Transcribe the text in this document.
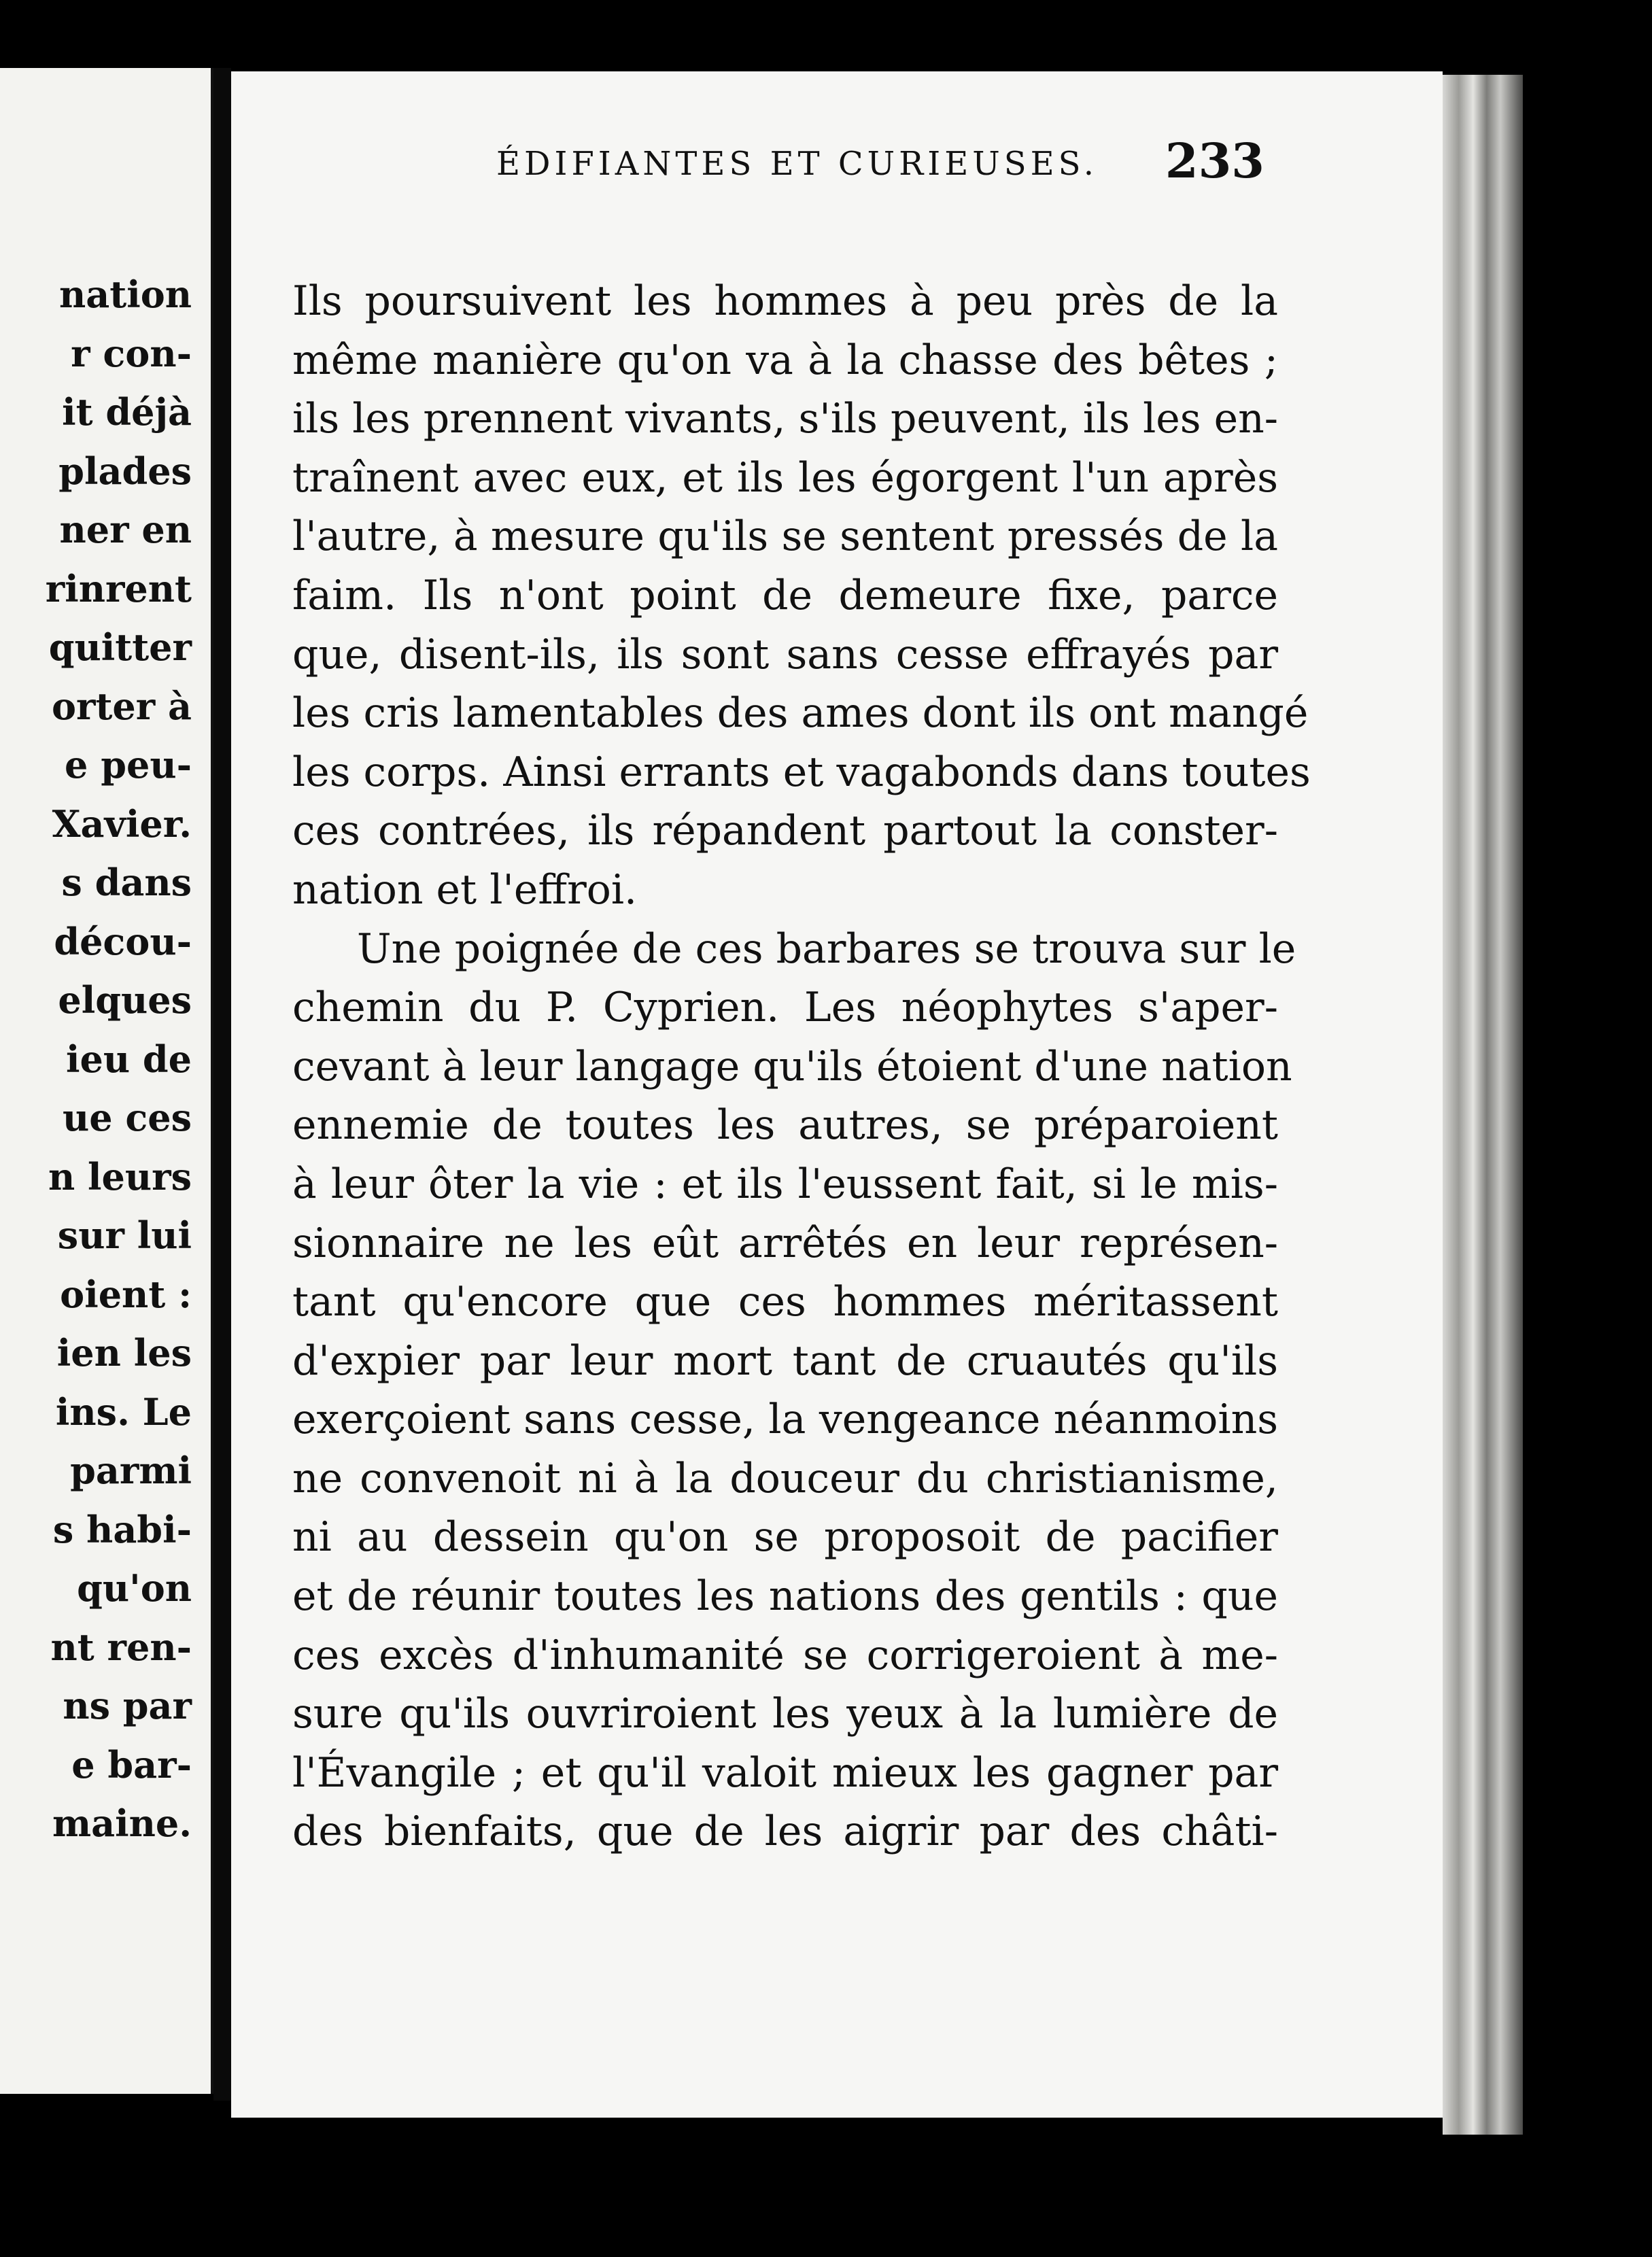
nation
r con-
it déjà
plades
ner en
rinrent
quitter
orter à
e peu-
Xavier.
s dans
décou-
elques
ieu de
ue ces
n leurs
sur lui
oient :
ien les
ins. Le
parmi
s habi-
qu'on
nt ren-
ns par
e bar-
maine.
ÉDIFIANTES ET CURIEUSES. 233
Ils poursuivent les hommes à peu près de la
même manière qu'on va à la chasse des bêtes ;
ils les prennent vivants, s'ils peuvent, ils les en-
traînent avec eux, et ils les égorgent l'un après
l'autre, à mesure qu'ils se sentent pressés de la
faim. Ils n'ont point de demeure fixe, parce
que, disent-ils, ils sont sans cesse effrayés par
les cris lamentables des ames dont ils ont mangé
les corps. Ainsi errants et vagabonds dans toutes
ces contrées, ils répandent partout la conster-
nation et l'effroi.
Une poignée de ces barbares se trouva sur le
chemin du P. Cyprien. Les néophytes s'aper-
cevant à leur langage qu'ils étoient d'une nation
ennemie de toutes les autres, se préparoient
à leur ôter la vie : et ils l'eussent fait, si le mis-
sionnaire ne les eût arrêtés en leur représen-
tant qu'encore que ces hommes méritassent
d'expier par leur mort tant de cruautés qu'ils
exerçoient sans cesse, la vengeance néanmoins
ne convenoit ni à la douceur du christianisme,
ni au dessein qu'on se proposoit de pacifier
et de réunir toutes les nations des gentils : que
ces excès d'inhumanité se corrigeroient à me-
sure qu'ils ouvriroient les yeux à la lumière de
l'Évangile ; et qu'il valoit mieux les gagner par
des bienfaits, que de les aigrir par des châti-
